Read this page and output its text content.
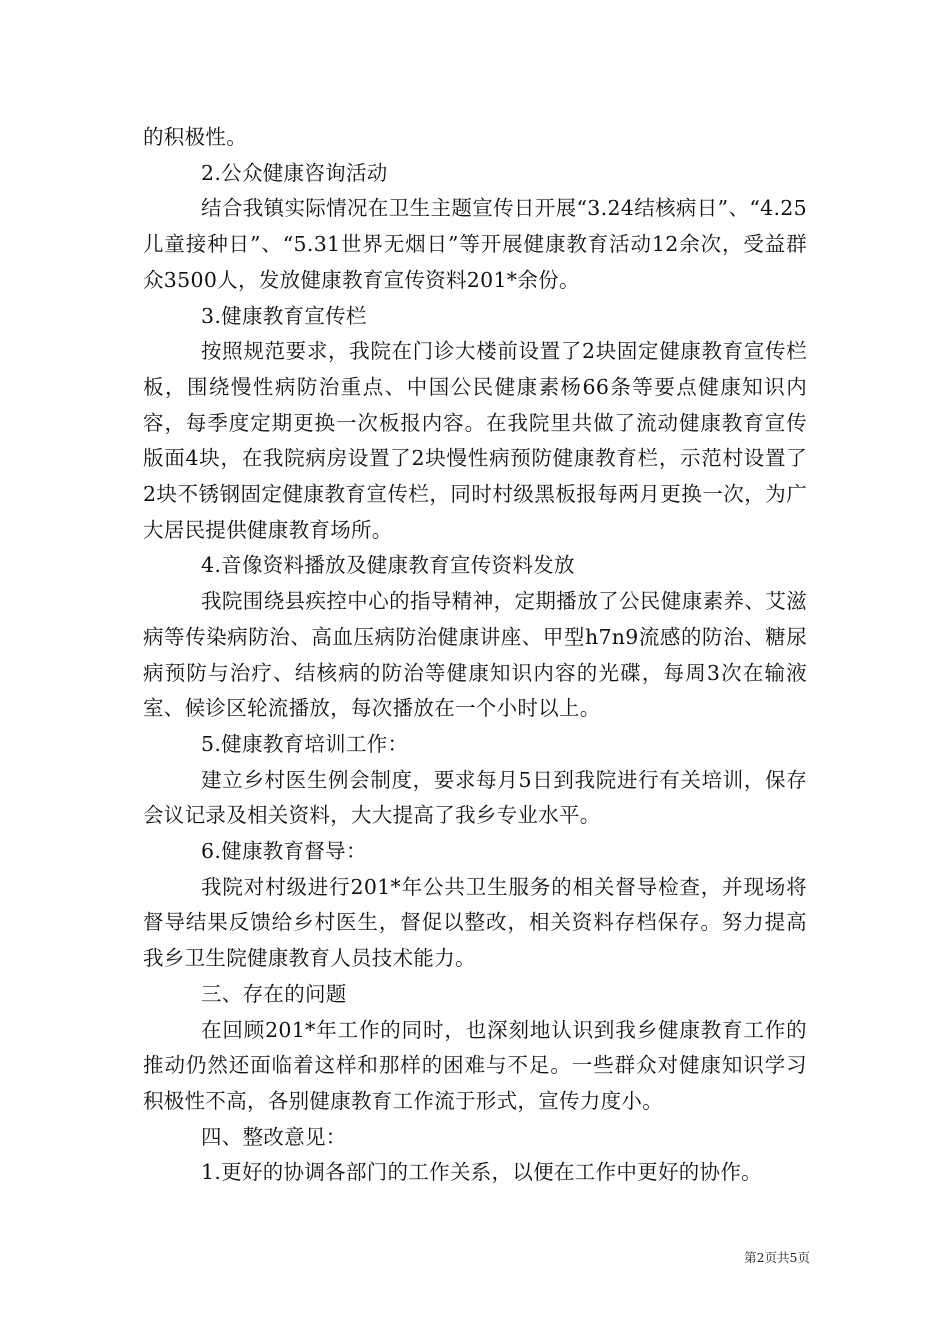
的积极性。

2.公众健康咨询活动

结合我镇实际情况在卫生主题宣传日开展“3.24结核病日”、“4.25儿童接种日”、“5.31世界无烟日”等开展健康教育活动12余次，受益群众3500人，发放健康教育宣传资料201*余份。

3.健康教育宣传栏

按照规范要求，我院在门诊大楼前设置了2块固定健康教育宣传栏板，围绕慢性病防治重点、中国公民健康素杨66条等要点健康知识内容，每季度定期更换一次板报内容。在我院里共做了流动健康教育宣传版面4块，在我院病房设置了2块慢性病预防健康教育栏，示范村设置了2块不锈钢固定健康教育宣传栏，同时村级黑板报每两月更换一次，为广大居民提供健康教育场所。

4.音像资料播放及健康教育宣传资料发放

我院围绕县疾控中心的指导精神，定期播放了公民健康素养、艾滋病等传染病防治、高血压病防治健康讲座、甲型h7n9流感的防治、糖尿病预防与治疗、结核病的防治等健康知识内容的光碟，每周3次在输液室、候诊区轮流播放，每次播放在一个小时以上。

5.健康教育培训工作：

建立乡村医生例会制度，要求每月5日到我院进行有关培训，保存会议记录及相关资料，大大提高了我乡专业水平。

6.健康教育督导：

我院对村级进行201*年公共卫生服务的相关督导检查，并现场将督导结果反馈给乡村医生，督促以整改，相关资料存档保存。努力提高我乡卫生院健康教育人员技术能力。

三、存在的问题

在回顾201*年工作的同时，也深刻地认识到我乡健康教育工作的推动仍然还面临着这样和那样的困难与不足。一些群众对健康知识学习积极性不高，各别健康教育工作流于形式，宣传力度小。

四、整改意见：

1.更好的协调各部门的工作关系，以便在工作中更好的协作。

第2页共5页
